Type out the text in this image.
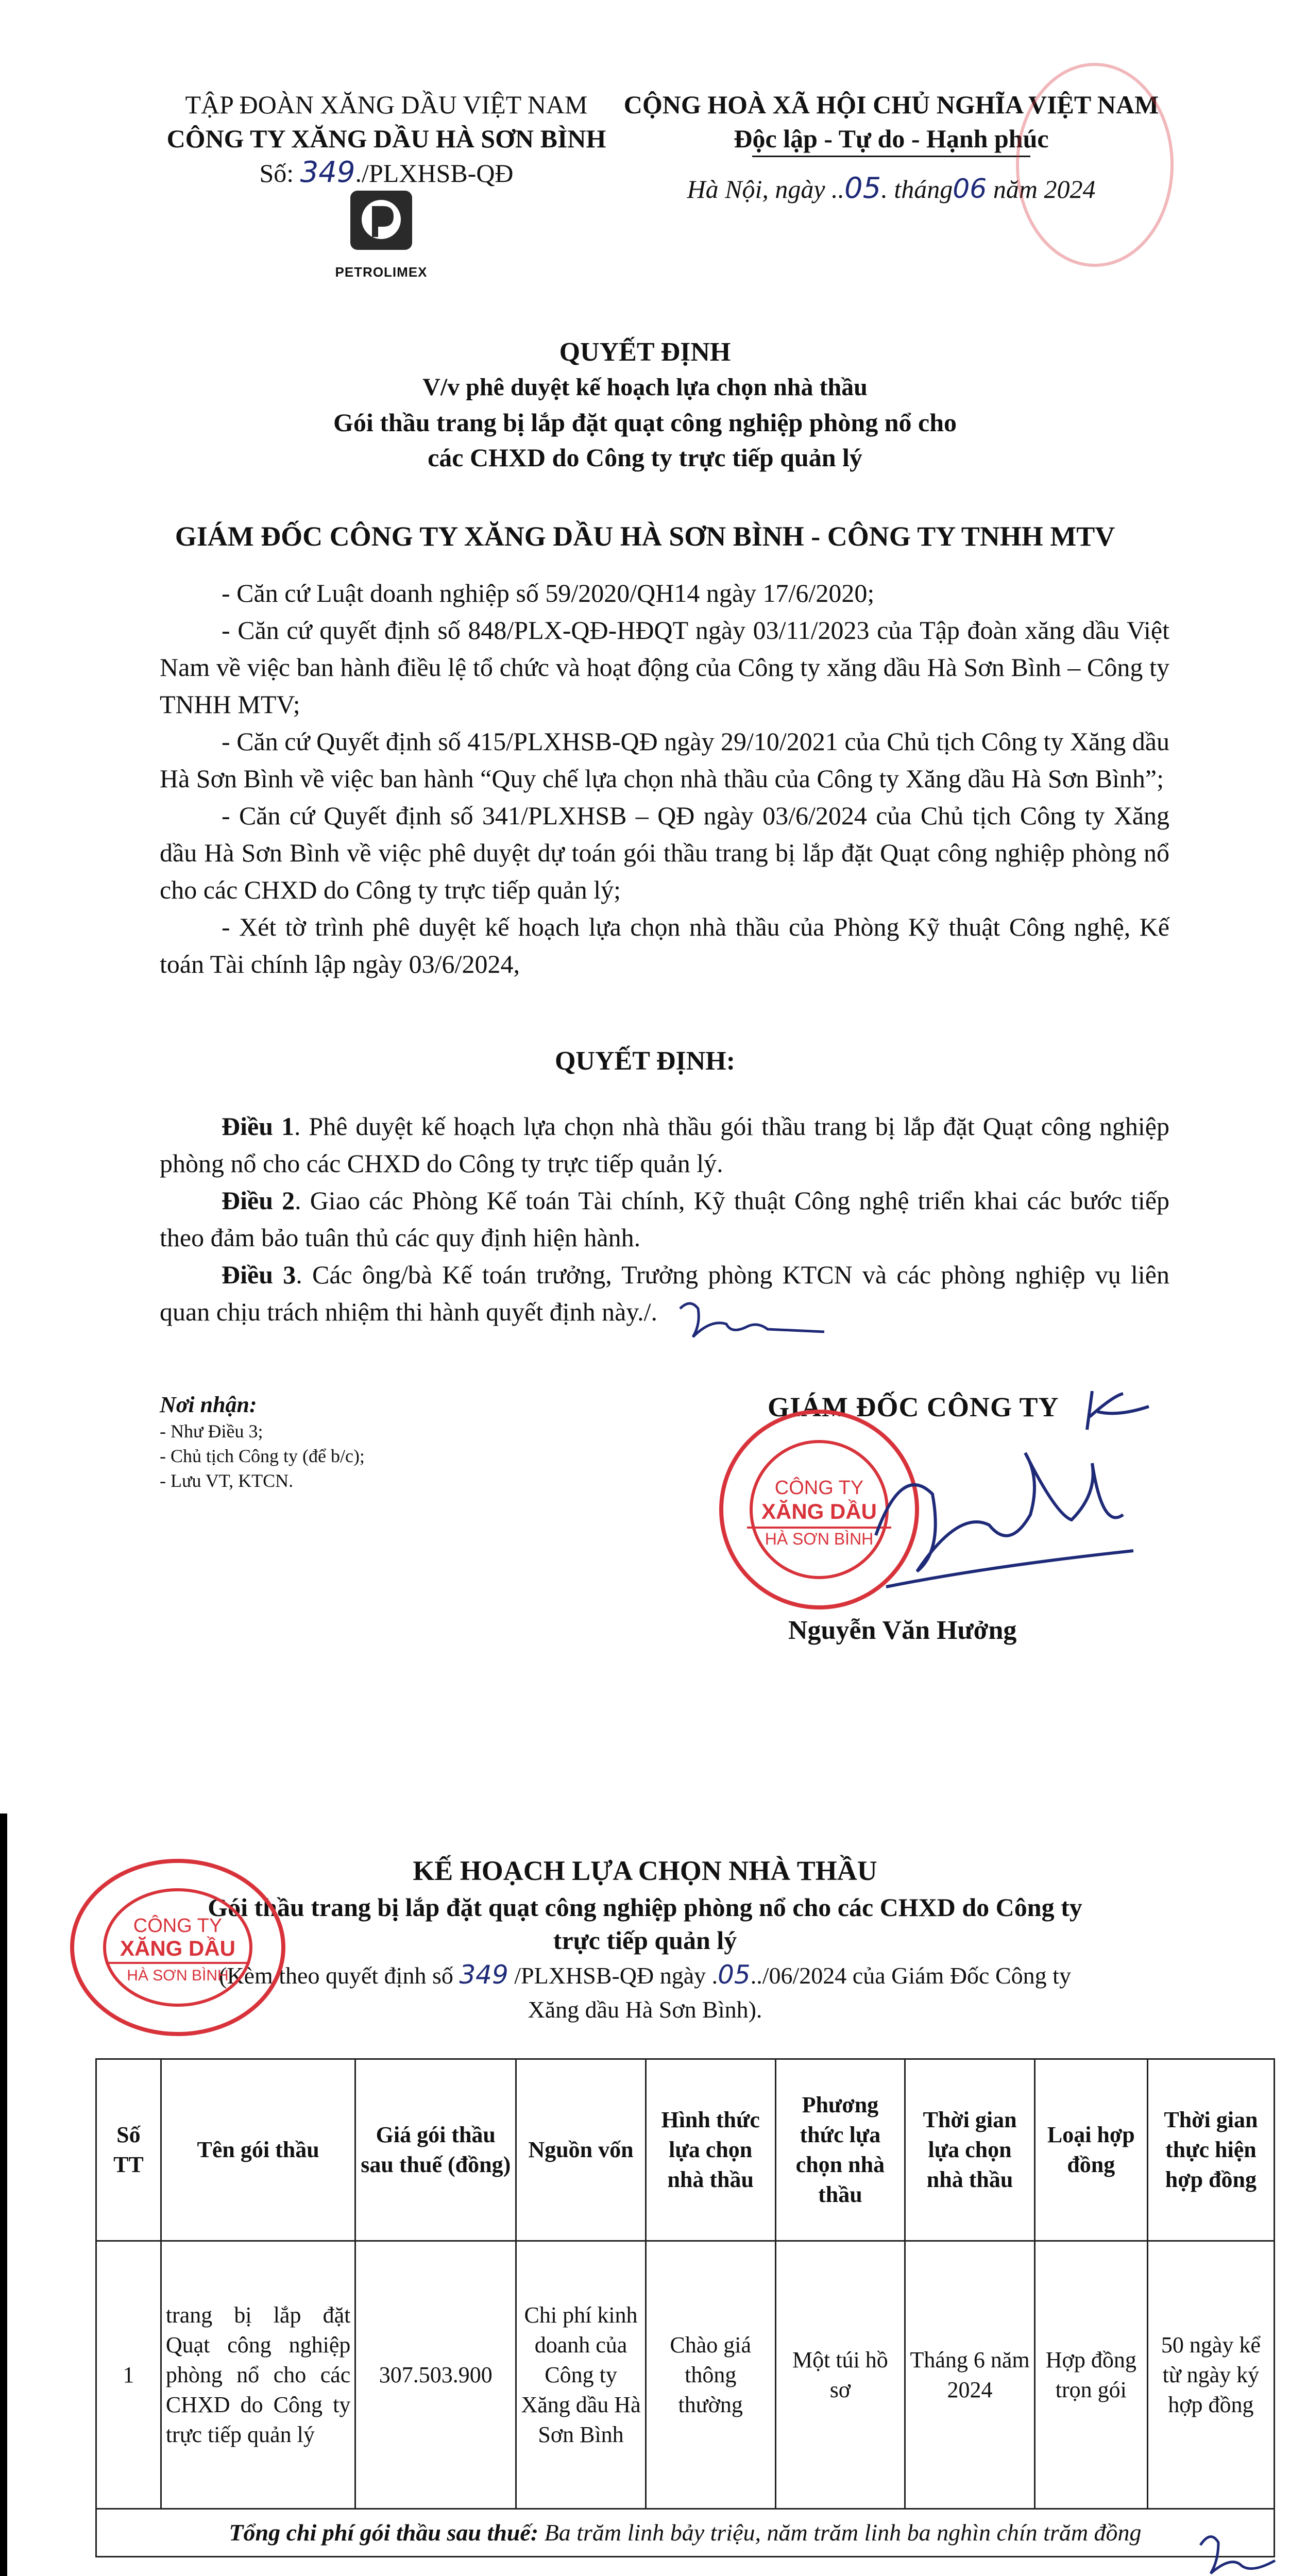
TẬP ĐOÀN XĂNG DẦU VIỆT NAM
CÔNG TY XĂNG DẦU HÀ SƠN BÌNH
Số: 349./PLXHSB-QĐ
PETROLIMEX
CỘNG HOÀ XÃ HỘI CHỦ NGHĨA VIỆT NAM
Độc lập - Tự do - Hạnh phúc
Hà Nội, ngày ..05. tháng06 năm 2024
QUYẾT ĐỊNH
V/v phê duyệt kế hoạch lựa chọn nhà thầu
Gói thầu trang bị lắp đặt quạt công nghiệp phòng nổ cho
các CHXD do Công ty trực tiếp quản lý
GIÁM ĐỐC CÔNG TY XĂNG DẦU HÀ SƠN BÌNH - CÔNG TY TNHH MTV

- Căn cứ Luật doanh nghiệp số 59/2020/QH14 ngày 17/6/2020;

- Căn cứ quyết định số 848/PLX-QĐ-HĐQT ngày 03/11/2023 của Tập đoàn xăng dầu Việt Nam về việc ban hành điều lệ tổ chức và hoạt động của Công ty xăng dầu Hà Sơn Bình – Công ty TNHH MTV;

- Căn cứ Quyết định số 415/PLXHSB-QĐ ngày 29/10/2021 của Chủ tịch Công ty Xăng dầu Hà Sơn Bình về việc ban hành “Quy chế lựa chọn nhà thầu của Công ty Xăng dầu Hà Sơn Bình”;

- Căn cứ Quyết định số 341/PLXHSB – QĐ ngày 03/6/2024 của Chủ tịch Công ty Xăng dầu Hà Sơn Bình về việc phê duyệt dự toán gói thầu trang bị lắp đặt Quạt công nghiệp phòng nổ cho các CHXD do Công ty trực tiếp quản lý;

- Xét tờ trình phê duyệt kế hoạch lựa chọn nhà thầu của Phòng Kỹ thuật Công nghệ, Kế toán Tài chính lập ngày 03/6/2024,

QUYẾT ĐỊNH:

Điều 1. Phê duyệt kế hoạch lựa chọn nhà thầu gói thầu trang bị lắp đặt Quạt công nghiệp phòng nổ cho các CHXD do Công ty trực tiếp quản lý.

Điều 2. Giao các Phòng Kế toán Tài chính, Kỹ thuật Công nghệ triển khai các bước tiếp theo đảm bảo tuân thủ các quy định hiện hành.

Điều 3. Các ông/bà Kế toán trưởng, Trưởng phòng KTCN và các phòng nghiệp vụ liên quan chịu trách nhiệm thi hành quyết định này./.

Nơi nhận:
- Như Điều 3;
- Chủ tịch Công ty (để b/c);
- Lưu VT, KTCN.
GIÁM ĐỐC CÔNG TY
CÔNG TY
XĂNG DẦU
HÀ SƠN BÌNH
Nguyễn Văn Hưởng
KẾ HOẠCH LỰA CHỌN NHÀ THẦU
Gói thầu trang bị lắp đặt quạt công nghiệp phòng nổ cho các CHXD do Công ty
trực tiếp quản lý
(Kèm theo quyết định số 349 /PLXHSB-QĐ ngày .05../06/2024 của Giám Đốc Công ty
Xăng dầu Hà Sơn Bình).
CÔNG TY
XĂNG DẦU
HÀ SƠN BÌNH
Số TT	Tên gói thầu	Giá gói thầu sau thuế (đồng)	Nguồn vốn	Hình thức lựa chọn nhà thầu	Phương thức lựa chọn nhà thầu	Thời gian lựa chọn nhà thầu	Loại hợp đồng	Thời gian thực hiện hợp đồng
1	trang bị lắp đặt Quạt công nghiệp phòng nổ cho các CHXD do Công ty trực tiếp quản lý	307.503.900	Chi phí kinh doanh của Công ty Xăng dầu Hà Sơn Bình	Chào giá thông thường	Một túi hồ sơ	Tháng 6 năm 2024	Hợp đồng trọn gói	50 ngày kể từ ngày ký hợp đồng
Tổng chi phí gói thầu sau thuế: Ba trăm linh bảy triệu, năm trăm linh ba nghìn chín trăm đồng								
